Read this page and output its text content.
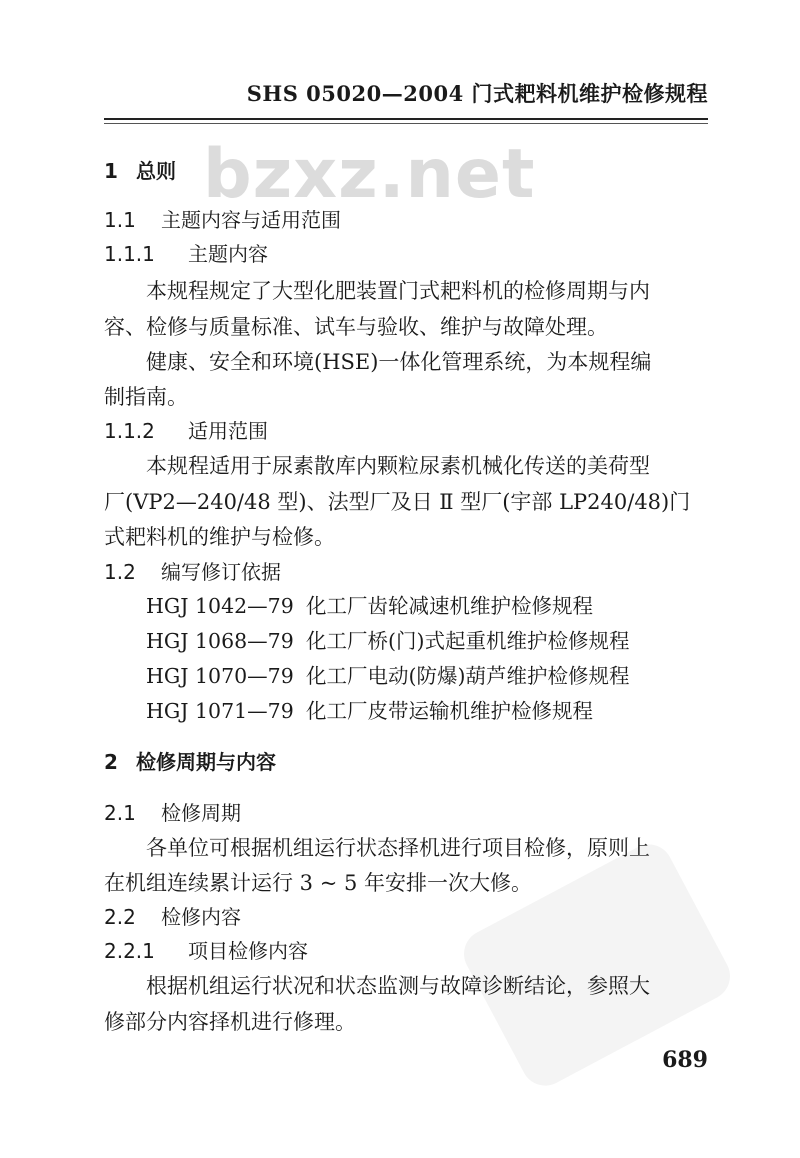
bzxz.net
SHS 05020—2004 门式耙料机维护检修规程
1 总则
1.1 主题内容与适用范围
1.1.1 主题内容
本规程规定了大型化肥装置门式耙料机的检修周期与内
容、检修与质量标准、试车与验收、维护与故障处理。
健康、安全和环境(HSE)一体化管理系统，为本规程编
制指南。
1.1.2 适用范围
本规程适用于尿素散库内颗粒尿素机械化传送的美荷型
厂(VP2—240/48 型)、法型厂及日 Ⅱ 型厂(宇部 LP240/48)门
式耙料机的维护与检修。
1.2 编写修订依据
HGJ 1042—79 化工厂齿轮减速机维护检修规程
HGJ 1068—79 化工厂桥(门)式起重机维护检修规程
HGJ 1070—79 化工厂电动(防爆)葫芦维护检修规程
HGJ 1071—79 化工厂皮带运输机维护检修规程
2 检修周期与内容
2.1 检修周期
各单位可根据机组运行状态择机进行项目检修，原则上
在机组连续累计运行 3 ~ 5 年安排一次大修。
2.2 检修内容
2.2.1 项目检修内容
根据机组运行状况和状态监测与故障诊断结论，参照大
修部分内容择机进行修理。
689
